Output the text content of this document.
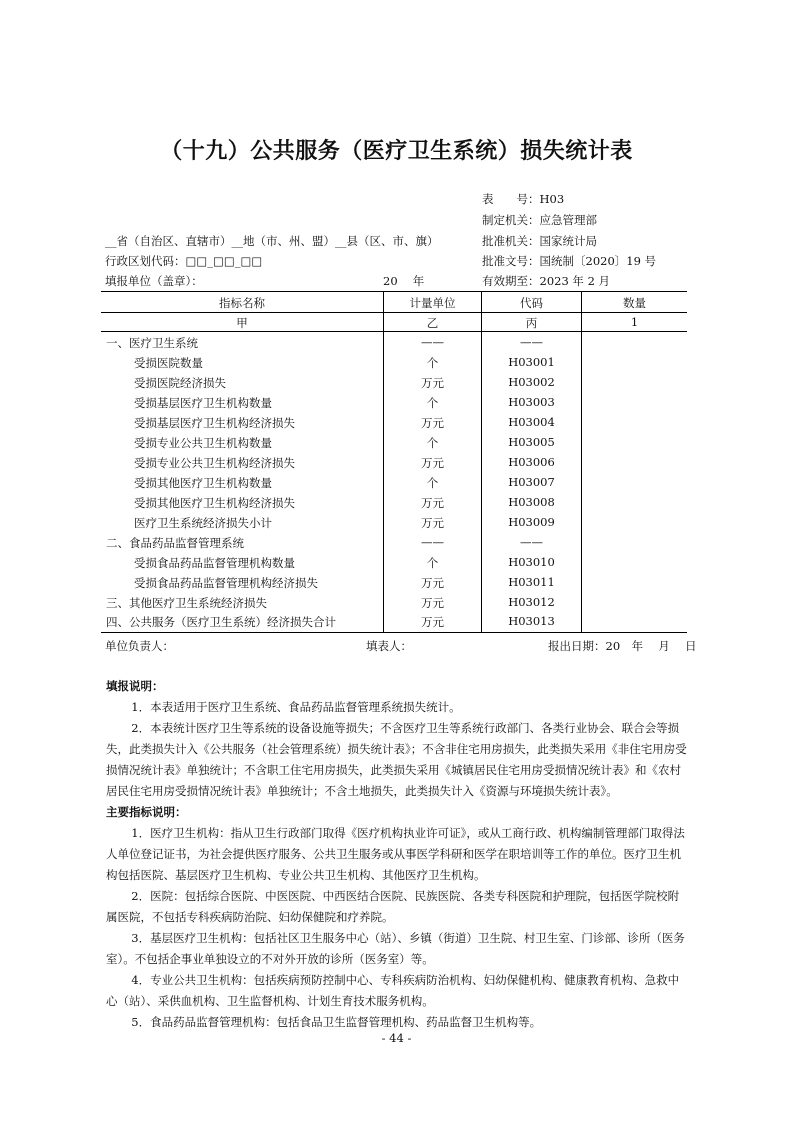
（十九）公共服务（医疗卫生系统）损失统计表
表　　号：H03
制定机关：应急管理部
批准机关：国家统计局
批准文号：国统制〔2020〕19 号
有效期至：2023 年 2 月
__省（自治区、直辖市）__地（市、州、盟）__县（区、市、旗）
行政区划代码：□□_□□_□□
填报单位（盖章）：	20　 年
指标名称	计量单位	代码	数量
甲	乙	丙	1
一、医疗卫生系统	——	——
受损医院数量	个	H03001
受损医院经济损失	万元	H03002
受损基层医疗卫生机构数量	个	H03003
受损基层医疗卫生机构经济损失	万元	H03004
受损专业公共卫生机构数量	个	H03005
受损专业公共卫生机构经济损失	万元	H03006
受损其他医疗卫生机构数量	个	H03007
受损其他医疗卫生机构经济损失	万元	H03008
医疗卫生系统经济损失小计	万元	H03009
二、食品药品监督管理系统	——	——
受损食品药品监督管理机构数量	个	H03010
受损食品药品监督管理机构经济损失	万元	H03011
三、其他医疗卫生系统经济损失	万元	H03012
四、公共服务（医疗卫生系统）经济损失合计	万元	H03013
单位负责人：	填表人：	报出日期：20　年　 月　 日

填报说明：

1．本表适用于医疗卫生系统、食品药品监督管理系统损失统计。

2．本表统计医疗卫生等系统的设备设施等损失；不含医疗卫生等系统行政部门、各类行业协会、联合会等损失，此类损失计入《公共服务（社会管理系统）损失统计表》；不含非住宅用房损失，此类损失采用《非住宅用房受损情况统计表》单独统计；不含职工住宅用房损失，此类损失采用《城镇居民住宅用房受损情况统计表》和《农村居民住宅用房受损情况统计表》单独统计；不含土地损失，此类损失计入《资源与环境损失统计表》。

主要指标说明：

1．医疗卫生机构：指从卫生行政部门取得《医疗机构执业许可证》，或从工商行政、机构编制管理部门取得法人单位登记证书，为社会提供医疗服务、公共卫生服务或从事医学科研和医学在职培训等工作的单位。医疗卫生机构包括医院、基层医疗卫生机构、专业公共卫生机构、其他医疗卫生机构。

2．医院：包括综合医院、中医医院、中西医结合医院、民族医院、各类专科医院和护理院，包括医学院校附属医院，不包括专科疾病防治院、妇幼保健院和疗养院。

3．基层医疗卫生机构：包括社区卫生服务中心（站）、乡镇（街道）卫生院、村卫生室、门诊部、诊所（医务室）。不包括企事业单独设立的不对外开放的诊所（医务室）等。

4．专业公共卫生机构：包括疾病预防控制中心、专科疾病防治机构、妇幼保健机构、健康教育机构、急救中心（站）、采供血机构、卫生监督机构、计划生育技术服务机构。

5．食品药品监督管理机构：包括食品卫生监督管理机构、药品监督卫生机构等。

- 44 -
